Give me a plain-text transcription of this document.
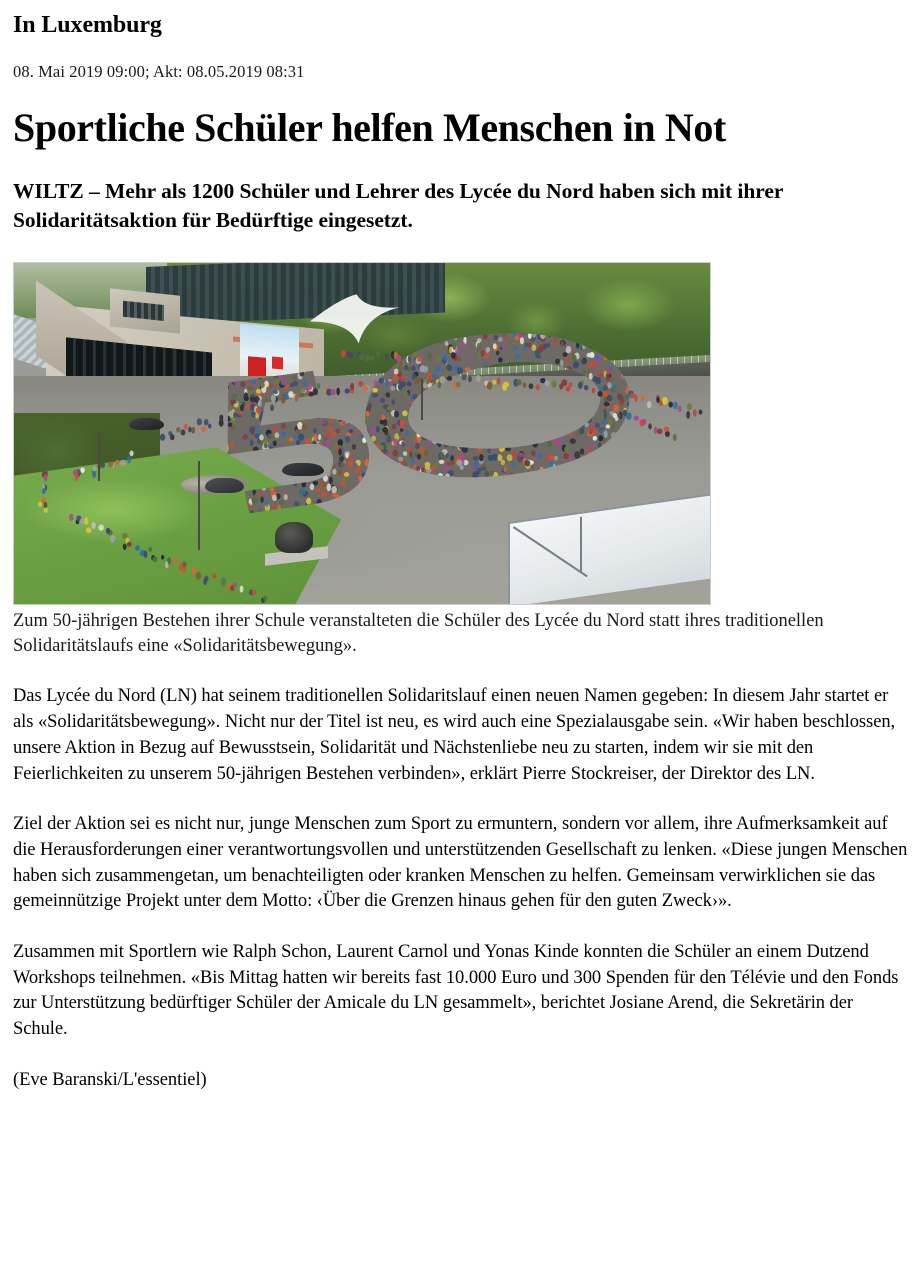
In Luxemburg
08. Mai 2019 09:00; Akt: 08.05.2019 08:31
Sportliche Schüler helfen Menschen in Not

WILTZ – Mehr als 1200 Schüler und Lehrer des Lycée du Nord haben sich mit ihrer Solidaritätsaktion für Bedürftige eingesetzt.

Zum 50-jährigen Bestehen ihrer Schule veranstalteten die Schüler des Lycée du Nord statt ihres traditionellen Solidaritätslaufs eine «Solidaritätsbewegung».

Das Lycée du Nord (LN) hat seinem traditionellen Solidaritslauf einen neuen Namen gegeben: In diesem Jahr startet er als «Solidaritätsbewegung». Nicht nur der Titel ist neu, es wird auch eine Spezialausgabe sein. «Wir haben beschlossen, unsere Aktion in Bezug auf Bewusstsein, Solidarität und Nächstenliebe neu zu starten, indem wir sie mit den Feierlichkeiten zu unserem 50-jährigen Bestehen verbinden», erklärt Pierre Stockreiser, der Direktor des LN.

Ziel der Aktion sei es nicht nur, junge Menschen zum Sport zu ermuntern, sondern vor allem, ihre Aufmerksamkeit auf die Herausforderungen einer verantwortungsvollen und unterstützenden Gesellschaft zu lenken. «Diese jungen Menschen haben sich zusammengetan, um benachteiligten oder kranken Menschen zu helfen. Gemeinsam verwirklichen sie das gemeinnützige Projekt unter dem Motto: ‹Über die Grenzen hinaus gehen für den guten Zweck›».

Zusammen mit Sportlern wie Ralph Schon, Laurent Carnol und Yonas Kinde konnten die Schüler an einem Dutzend Workshops teilnehmen. «Bis Mittag hatten wir bereits fast 10.000 Euro und 300 Spenden für den Télévie und den Fonds zur Unterstützung bedürftiger Schüler der Amicale du LN gesammelt», berichtet Josiane Arend, die Sekretärin der Schule.

(Eve Baranski/L'essentiel)
